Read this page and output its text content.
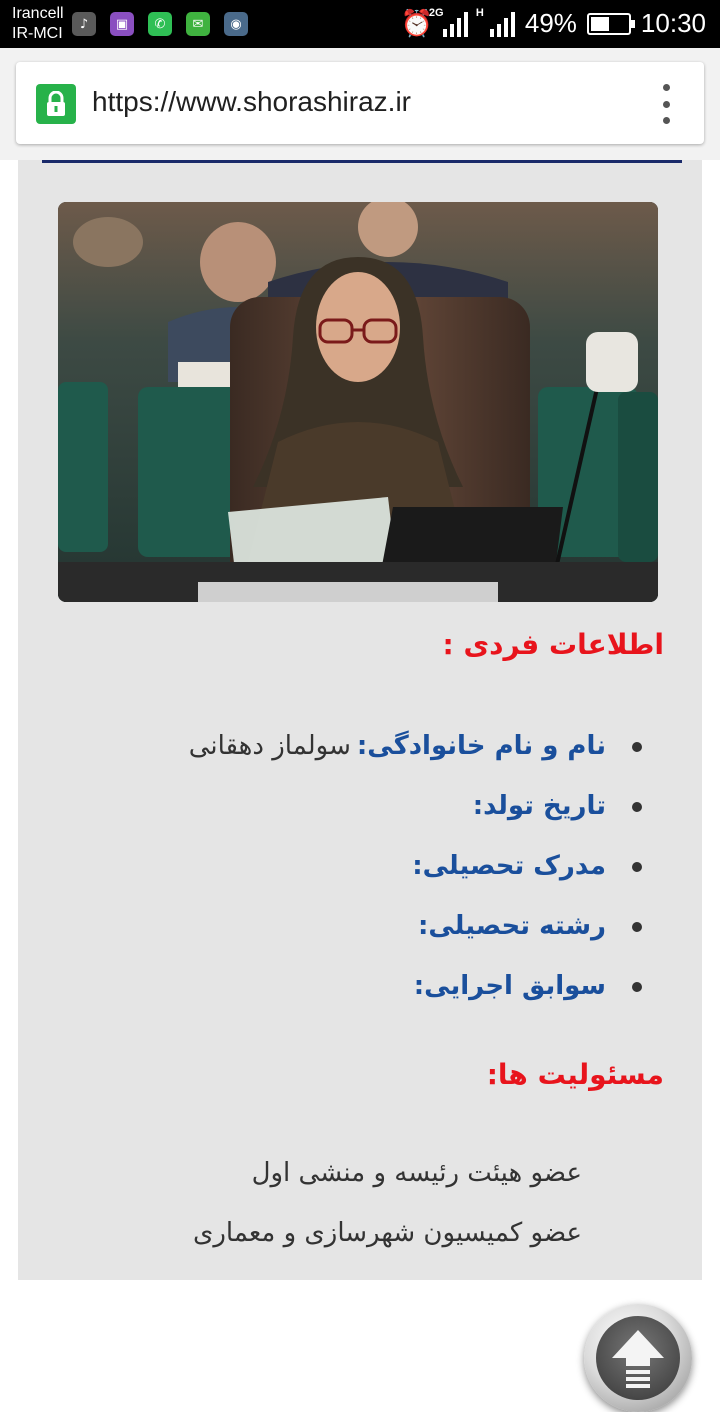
Irancell
IR-MCI
♪	▣	✆	✉	◉	⏰
2G	H 49% 10:30
https://www.shorashiraz.ir
اطلاعات فردی :
نام و نام خانوادگی:
سولماز دهقانی
تاریخ تولد:
مدرک تحصیلی:
رشته تحصیلی:
سوابق اجرایی:
مسئولیت ها:
عضو هیئت رئیسه و منشی اول
عضو کمیسیون شهرسازی و معماری
